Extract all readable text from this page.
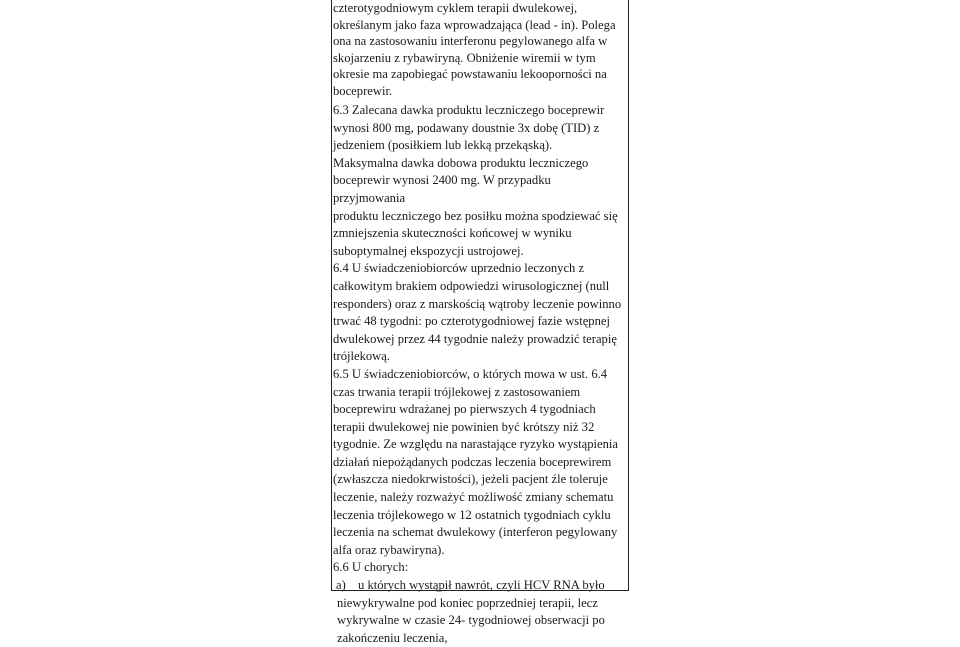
czterotygodniowym cyklem terapii dwulekowej,
określanym jako faza wprowadzająca (lead - in). Polega
ona na zastosowaniu interferonu pegylowanego alfa w
skojarzeniu z rybawiryną. Obniżenie wiremii w tym
okresie ma zapobiegać powstawaniu lekooporności na
boceprewir.

6.3 Zalecana dawka produktu leczniczego boceprewir
wynosi 800 mg, podawany doustnie 3x dobę (TID) z
jedzeniem (posiłkiem lub lekką przekąską).
Maksymalna dawka dobowa produktu leczniczego
boceprewir wynosi 2400 mg. W przypadku przyjmowania
produktu leczniczego bez posiłku można spodziewać się
zmniejszenia skuteczności końcowej w wyniku
suboptymalnej ekspozycji ustrojowej.

6.4 U świadczeniobiorców uprzednio leczonych z
całkowitym brakiem odpowiedzi wirusologicznej (null
responders) oraz z marskością wątroby leczenie powinno
trwać 48 tygodni: po czterotygodniowej fazie wstępnej
dwulekowej przez 44 tygodnie należy prowadzić terapię
trójlekową.

6.5 U świadczeniobiorców, o których mowa w ust. 6.4
czas trwania terapii trójlekowej z zastosowaniem
boceprewiru wdrażanej po pierwszych 4 tygodniach
terapii dwulekowej nie powinien być krótszy niż 32
tygodnie. Ze względu na narastające ryzyko wystąpienia
działań niepożądanych podczas leczenia boceprewirem
(zwłaszcza niedokrwistości), jeżeli pacjent źle toleruje
leczenie, należy rozważyć możliwość zmiany schematu
leczenia trójlekowego w 12 ostatnich tygodniach cyklu
leczenia na schemat dwulekowy (interferon pegylowany
alfa oraz rybawiryna).

6.6 U chorych:

a) u których wystąpił nawrót, czyli HCV RNA było
niewykrywalne pod koniec poprzedniej terapii, lecz
wykrywalne w czasie 24- tygodniowej obserwacji po
zakończeniu leczenia,
